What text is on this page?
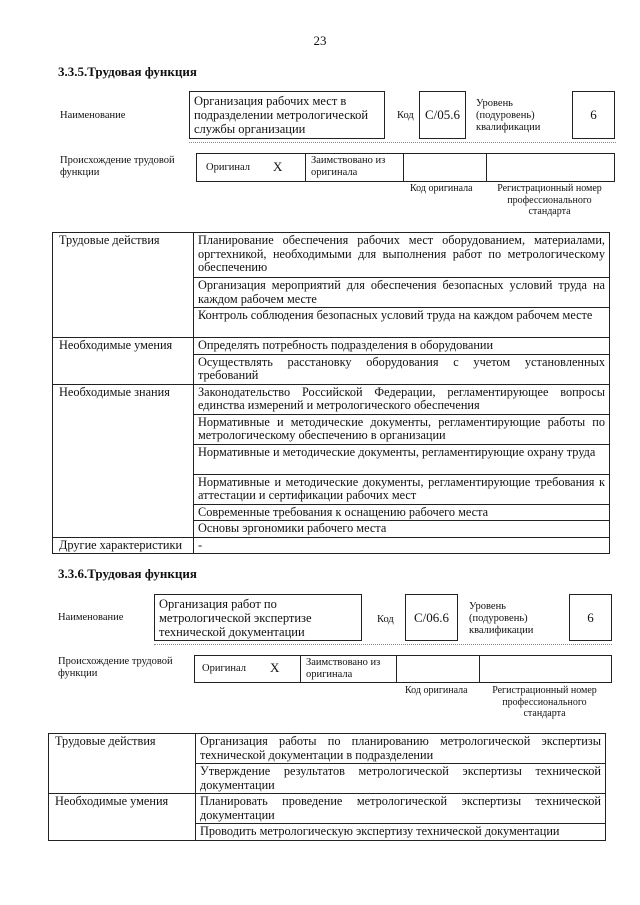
23
3.3.5.Трудовая функция
Наименование
Организация рабочих мест в подразделении метрологической службы организации
Код C/05.6
Уровень (подуровень) квалификации
6
Происхождение трудовой функции	Оригинал X	Заимствовано из оригинала
Код оригинала	Регистрационный номер профессионального стандарта
Трудовые действия	Планирование обеспечения рабочих мест оборудованием, материалами, оргтехникой, необходимыми для выполнения работ по метрологическому обеспечению
	Организация мероприятий для обеспечения безопасных условий труда на каждом рабочем месте
	Контроль соблюдения безопасных условий труда на каждом рабочем месте
Необходимые умения	Определять потребность подразделения в оборудовании
	Осуществлять расстановку оборудования с учетом установленных требований
Необходимые знания	Законодательство Российской Федерации, регламентирующее вопросы единства измерений и метрологического обеспечения
	Нормативные и методические документы, регламентирующие работы по метрологическому обеспечению в организации
	Нормативные и методические документы, регламентирующие охрану труда
	Нормативные и методические документы, регламентирующие требования к аттестации и сертификации рабочих мест
	Современные требования к оснащению рабочего места
	Основы эргономики рабочего места
Другие характеристики	-
3.3.6.Трудовая функция
Наименование
Организация работ по метрологической экспертизе технической документации
Код	C/06.6
Уровень (подуровень) квалификации
6
Происхождение трудовой функции	Оригинал X	Заимствовано из оригинала
Код оригинала	Регистрационный номер профессионального стандарта
Трудовые действия	Организация работы по планированию метрологической экспертизы технической документации в подразделении
	Утверждение результатов метрологической экспертизы технической документации
Необходимые умения	Планировать проведение метрологической экспертизы технической документации
	Проводить метрологическую экспертизу технической документации
